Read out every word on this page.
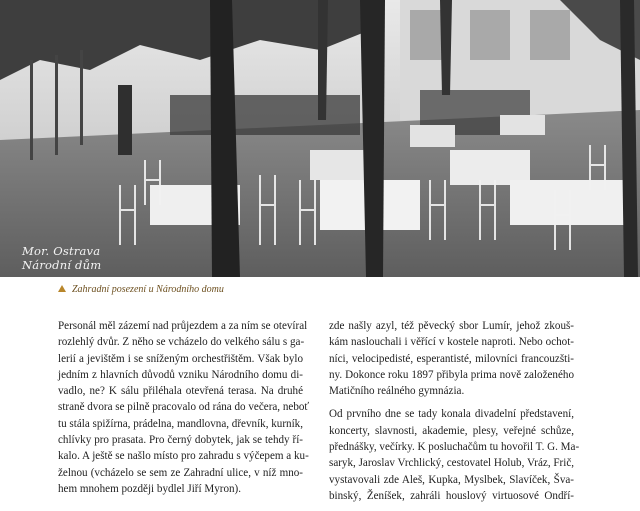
Mor. Ostrava
Národní dům
Zahradní posezení u Národního domu

Personál měl zázemí nad průjezdem a za ním se otevíral
rozlehlý dvůr. Z něho se vcházelo do velkého sálu s ga-
lerií a jevištěm i se sníženým orchestřištěm. Však bylo
jedním z hlavních důvodů vzniku Národního domu di-
vadlo, ne? K sálu přiléhala otevřená terasa. Na druhé
straně dvora se pilně pracovalo od rána do večera, neboť
tu stála spižírna, prádelna, mandlovna, dřevník, kurník,
chlívky pro prasata. Pro černý dobytek, jak se tehdy ří-
kalo. A ještě se našlo místo pro zahradu s výčepem a ku-
želnou (vcházelo se sem ze Zahradní ulice, v níž mno-
hem mnohem později bydlel Jiří Myron).

zde našly azyl, též pěvecký sbor Lumír, jehož zkouš-
kám naslouchali i věřící v kostele naproti. Nebo ochot-
níci, velocipedisté, esperantisté, milovníci francouzšti-
ny. Dokonce roku 1897 přibyla prima nově založeného
Matičního reálného gymnázia.

Od prvního dne se tady konala divadelní představení,
koncerty, slavnosti, akademie, plesy, veřejné schůze,
přednášky, večírky. K posluchačům tu hovořil T. G. Ma-
saryk, Jaroslav Vrchlický, cestovatel Holub, Vráz, Frič,
vystavovali zde Aleš, Kupka, Myslbek, Slavíček, Šva-
binský, Ženíšek, zahráli houslový virtuosové Ondří-
